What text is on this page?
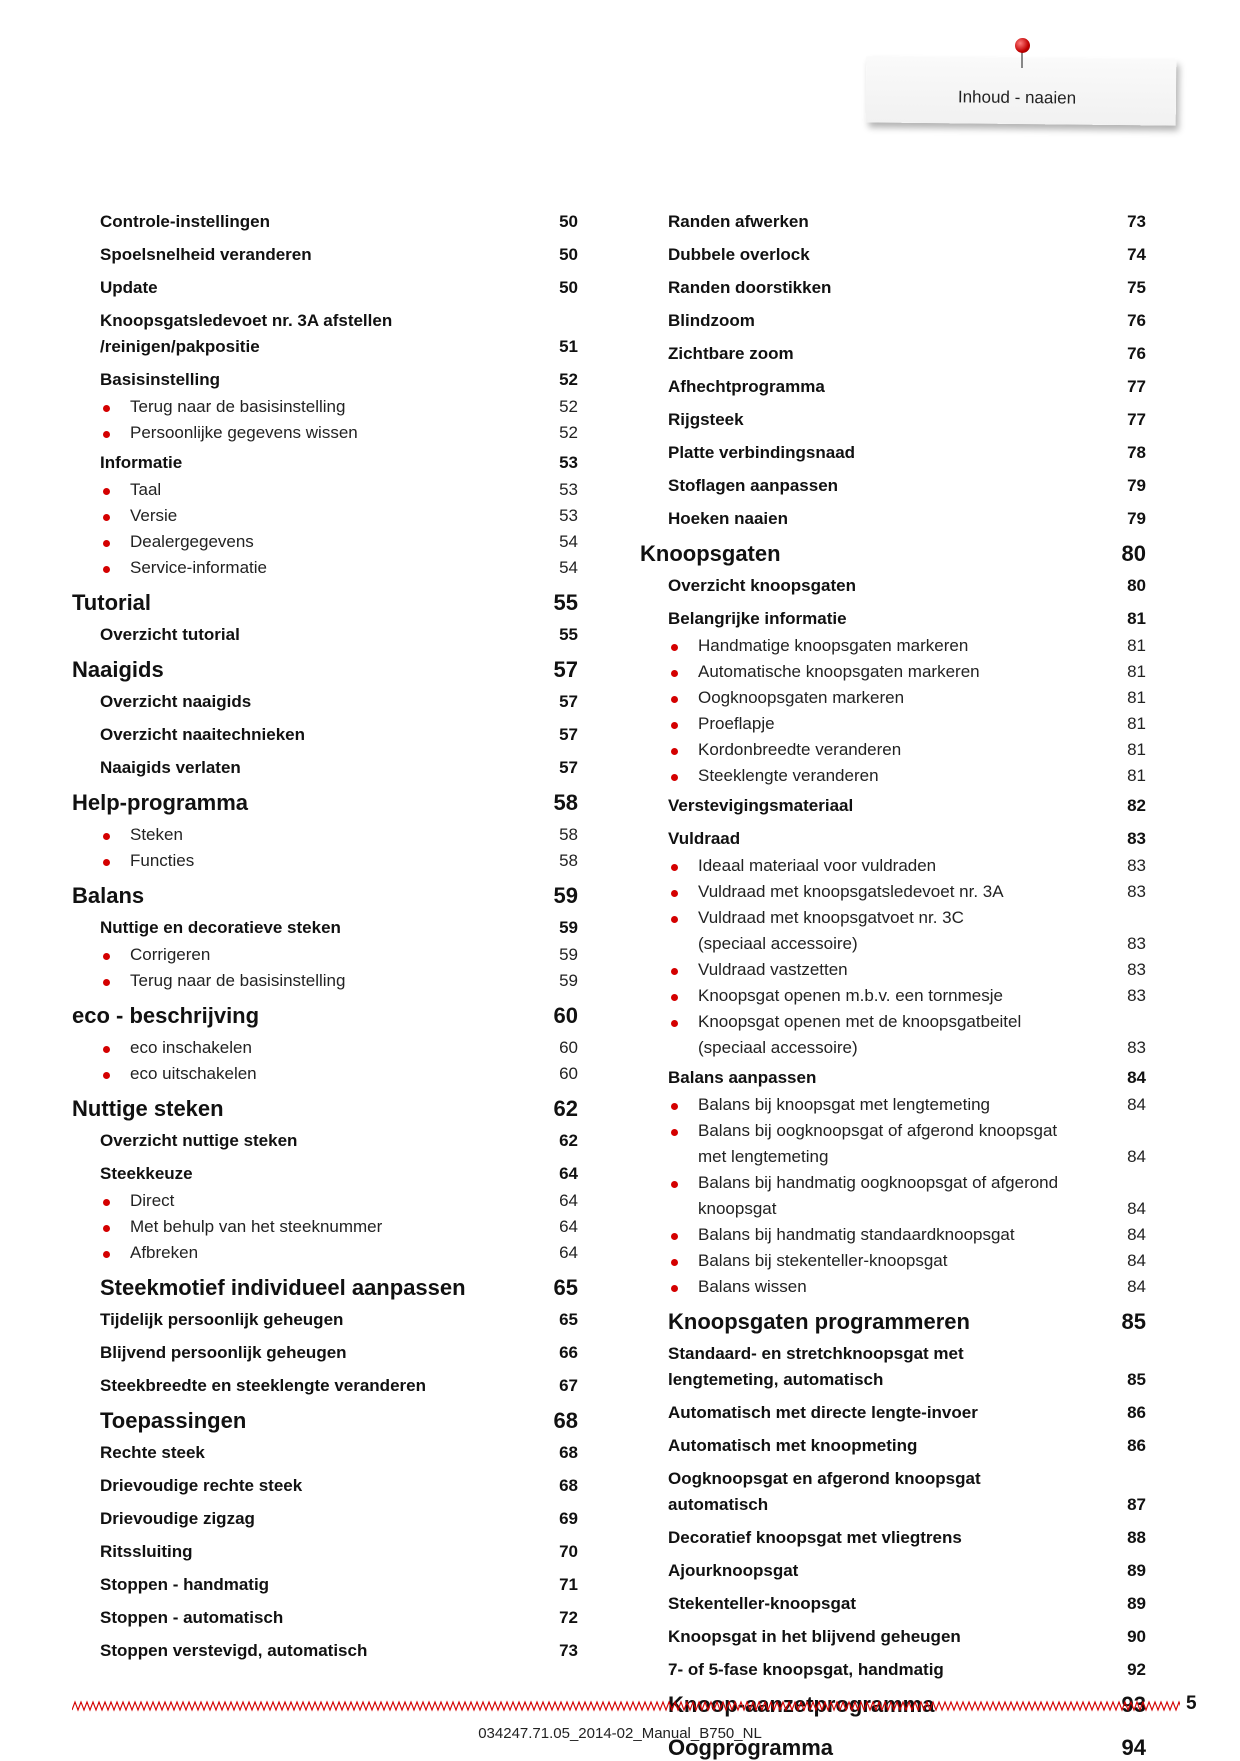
Inhoud - naaien
Controle-instellingen	50
Spoelsnelheid veranderen	50
Update	50
Knoopsgatsledevoet nr. 3A afstellen
/reinigen/pakpositie	51
Basisinstelling	52
Terug naar de basisinstelling	52
Persoonlijke gegevens wissen	52
Informatie	53
Taal	53
Versie	53
Dealergegevens	54
Service-informatie	54
Tutorial	55
Overzicht tutorial	55
Naaigids	57
Overzicht naaigids	57
Overzicht naaitechnieken	57
Naaigids verlaten	57
Help-programma	58
Steken	58
Functies	58
Balans	59
Nuttige en decoratieve steken	59
Corrigeren	59
Terug naar de basisinstelling	59
eco - beschrijving	60
eco inschakelen	60
eco uitschakelen	60
Nuttige steken	62
Overzicht nuttige steken	62
Steekkeuze	64
Direct	64
Met behulp van het steeknummer	64
Afbreken	64
Steekmotief individueel aanpassen	65
Tijdelijk persoonlijk geheugen	65
Blijvend persoonlijk geheugen	66
Steekbreedte en steeklengte veranderen	67
Toepassingen	68
Rechte steek	68
Drievoudige rechte steek	68
Drievoudige zigzag	69
Ritssluiting	70
Stoppen - handmatig	71
Stoppen - automatisch	72
Stoppen verstevigd, automatisch	73
Randen afwerken	73
Dubbele overlock	74
Randen doorstikken	75
Blindzoom	76
Zichtbare zoom	76
Afhechtprogramma	77
Rijgsteek	77
Platte verbindingsnaad	78
Stoflagen aanpassen	79
Hoeken naaien	79
Knoopsgaten	80
Overzicht knoopsgaten	80
Belangrijke informatie	81
Handmatige knoopsgaten markeren	81
Automatische knoopsgaten markeren	81
Oogknoopsgaten markeren	81
Proeflapje	81
Kordonbreedte veranderen	81
Steeklengte veranderen	81
Verstevigingsmateriaal	82
Vuldraad	83
Ideaal materiaal voor vuldraden	83
Vuldraad met knoopsgatsledevoet nr. 3A	83
Vuldraad met knoopsgatvoet nr. 3C
(speciaal accessoire)	83
Vuldraad vastzetten	83
Knoopsgat openen m.b.v. een tornmesje	83
Knoopsgat openen met de knoopsgatbeitel
(speciaal accessoire)	83
Balans aanpassen	84
Balans bij knoopsgat met lengtemeting	84
Balans bij oogknoopsgat of afgerond knoopsgat
met lengtemeting	84
Balans bij handmatig oogknoopsgat of afgerond
knoopsgat	84
Balans bij handmatig standaardknoopsgat	84
Balans bij stekenteller-knoopsgat	84
Balans wissen	84
Knoopsgaten programmeren	85
Standaard- en stretchknoopsgat met
lengtemeting, automatisch	85
Automatisch met directe lengte-invoer	86
Automatisch met knoopmeting	86
Oogknoopsgat en afgerond knoopsgat
automatisch	87
Decoratief knoopsgat met vliegtrens	88
Ajourknoopsgat	89
Stekenteller-knoopsgat	89
Knoopsgat in het blijvend geheugen	90
7- of 5-fase knoopsgat, handmatig	92
Knoop-aanzetprogramma	93
Oogprogramma	94
5
034247.71.05_2014-02_Manual_B750_NL
